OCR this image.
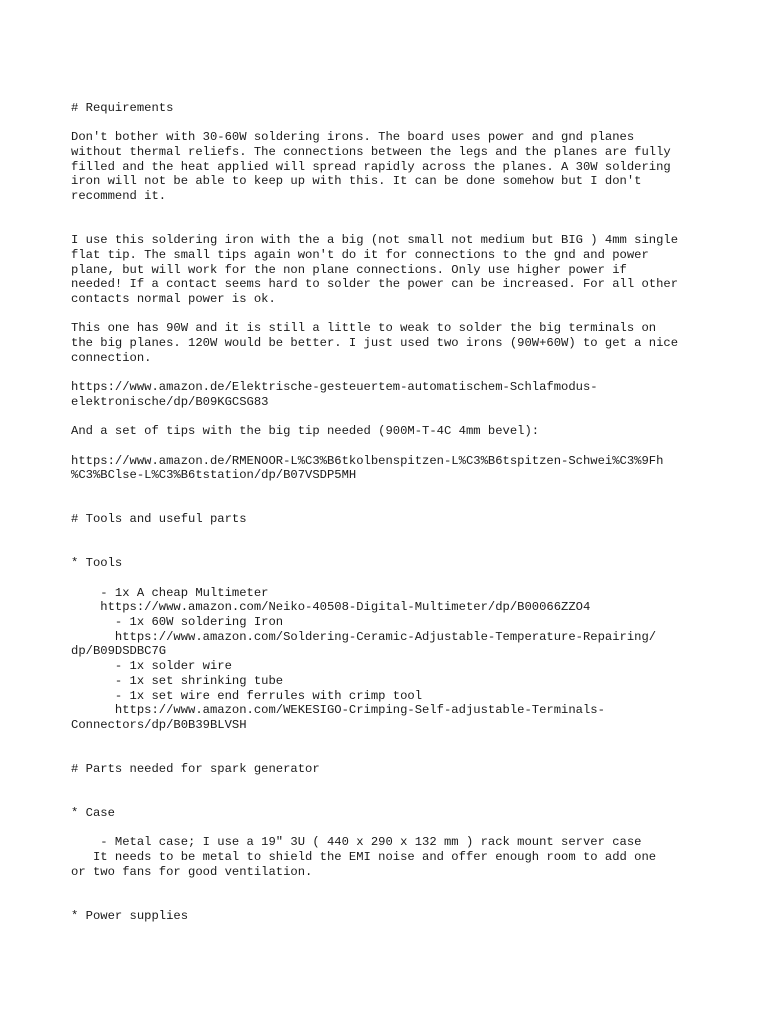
# Requirements
Don't bother with 30-60W soldering irons. The board uses power and gnd planes
without thermal reliefs. The connections between the legs and the planes are fully
filled and the heat applied will spread rapidly across the planes. A 30W soldering
iron will not be able to keep up with this. It can be done somehow but I don't
recommend it.
I use this soldering iron with the a big (not small not medium but BIG ) 4mm single
flat tip. The small tips again won't do it for connections to the gnd and power
plane, but will work for the non plane connections. Only use higher power if
needed! If a contact seems hard to solder the power can be increased. For all other
contacts normal power is ok.
This one has 90W and it is still a little to weak to solder the big terminals on
the big planes. 120W would be better. I just used two irons (90W+60W) to get a nice
connection.
https://www.amazon.de/Elektrische-gesteuertem-automatischem-Schlafmodus-
elektronische/dp/B09KGCSG83
And a set of tips with the big tip needed (900M-T-4C 4mm bevel):
https://www.amazon.de/RMENOOR-L%C3%B6tkolbenspitzen-L%C3%B6tspitzen-Schwei%C3%9Fh
%C3%BClse-L%C3%B6tstation/dp/B07VSDP5MH
# Tools and useful parts
* Tools
- 1x A cheap Multimeter
https://www.amazon.com/Neiko-40508-Digital-Multimeter/dp/B00066ZZO4
- 1x 60W soldering Iron
https://www.amazon.com/Soldering-Ceramic-Adjustable-Temperature-Repairing/
dp/B09DSDBC7G
- 1x solder wire
- 1x set shrinking tube
- 1x set wire end ferrules with crimp tool
https://www.amazon.com/WEKESIGO-Crimping-Self-adjustable-Terminals-
Connectors/dp/B0B39BLVSH
# Parts needed for spark generator
* Case
- Metal case; I use a 19" 3U ( 440 x 290 x 132 mm ) rack mount server case
It needs to be metal to shield the EMI noise and offer enough room to add one
or two fans for good ventilation.
* Power supplies
